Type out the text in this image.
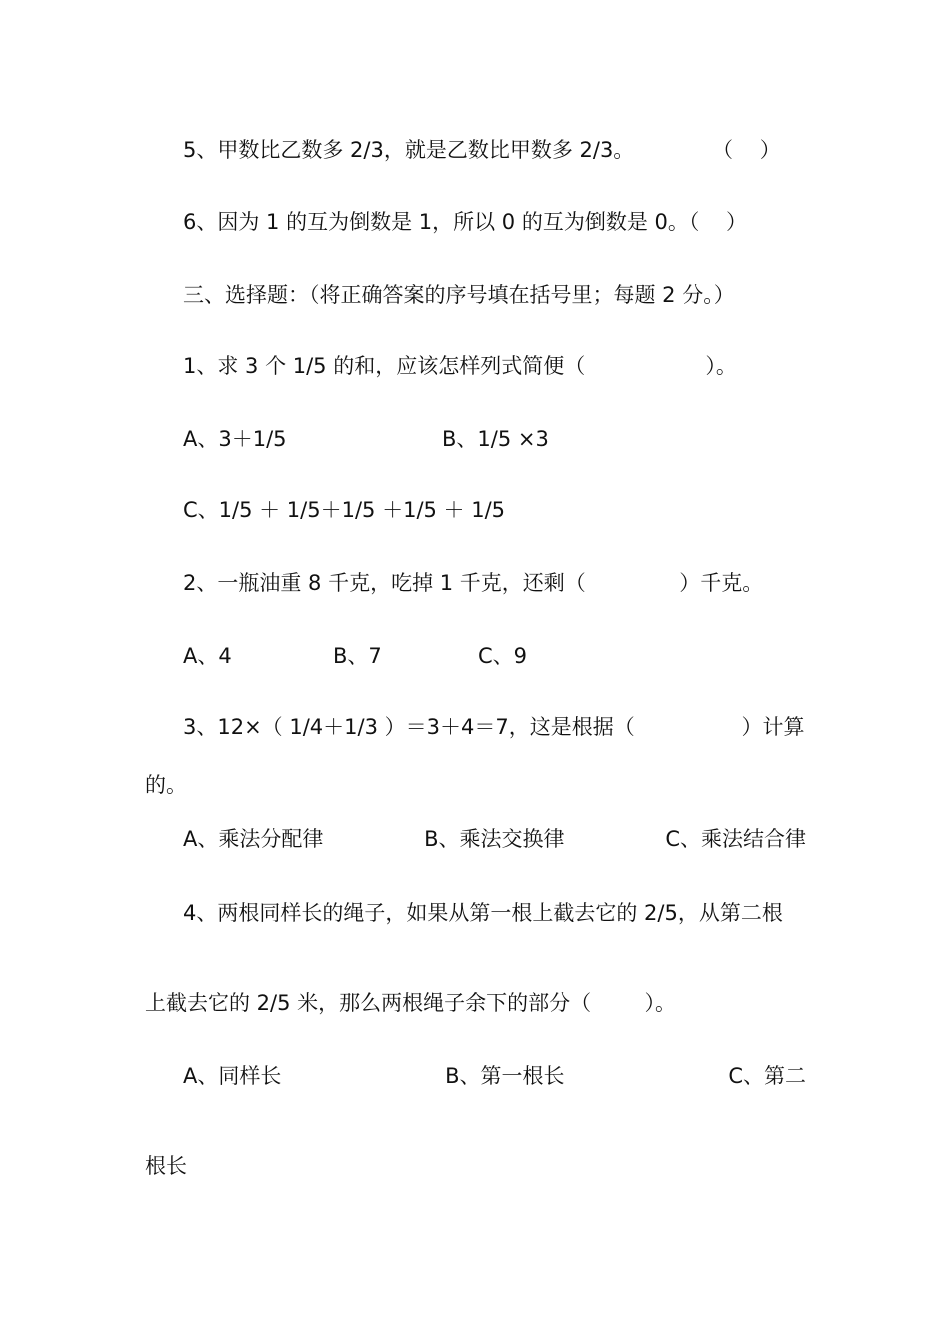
5、甲数比乙数多 2/3，就是乙数比甲数多 2/3。	（    ）
6、因为 1 的互为倒数是 1，所以 0 的互为倒数是 0。（    ）
三、选择题：（将正确答案的序号填在括号里；每题 2 分。）
1、求 3 个 1/5 的和，应该怎样列式简便（                  ）。
A、3＋1/5	B、1/5 ×3
C、1/5 ＋ 1/5＋1/5 ＋1/5 ＋ 1/5
2、一瓶油重 8 千克，吃掉 1 千克，还剩（              ）千克。
A、4	B、7	C、9
3、12×（ 1/4＋1/3 ）＝3＋4＝7，这是根据（                ）计算
的。
A、乘法分配律	B、乘法交换律	C、乘法结合律
4、两根同样长的绳子，如果从第一根上截去它的 2/5，从第二根
上截去它的 2/5 米，那么两根绳子余下的部分（        ）。
A、同样长	B、第一根长	C、第二
根长
